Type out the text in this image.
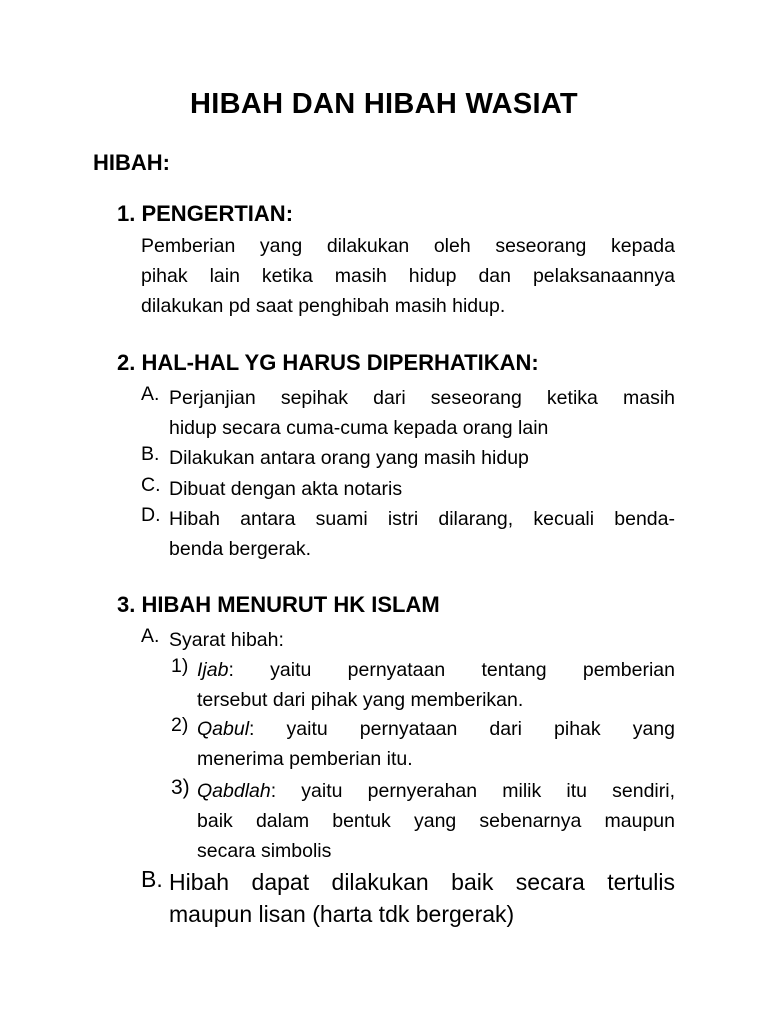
HIBAH DAN HIBAH WASIAT
HIBAH:
1. PENGERTIAN:
Pemberian yang dilakukan oleh seseorang kepada
pihak lain ketika masih hidup dan pelaksanaannya
dilakukan pd saat penghibah masih hidup.
2. HAL-HAL YG HARUS DIPERHATIKAN:
A. Perjanjian sepihak dari seseorang ketika masih
hidup secara cuma-cuma kepada orang lain
B. Dilakukan antara orang yang masih hidup
C. Dibuat dengan akta notaris
D. Hibah antara suami istri dilarang, kecuali benda-
benda bergerak.
3. HIBAH MENURUT HK ISLAM
A. Syarat hibah:
1) Ijab: yaitu pernyataan tentang pemberian
tersebut dari pihak yang memberikan.
2) Qabul: yaitu pernyataan dari pihak yang
menerima pemberian itu.
3) Qabdlah: yaitu pernyerahan milik itu sendiri,
baik dalam bentuk yang sebenarnya maupun
secara simbolis
B. Hibah dapat dilakukan baik secara tertulis
maupun lisan (harta tdk bergerak)
